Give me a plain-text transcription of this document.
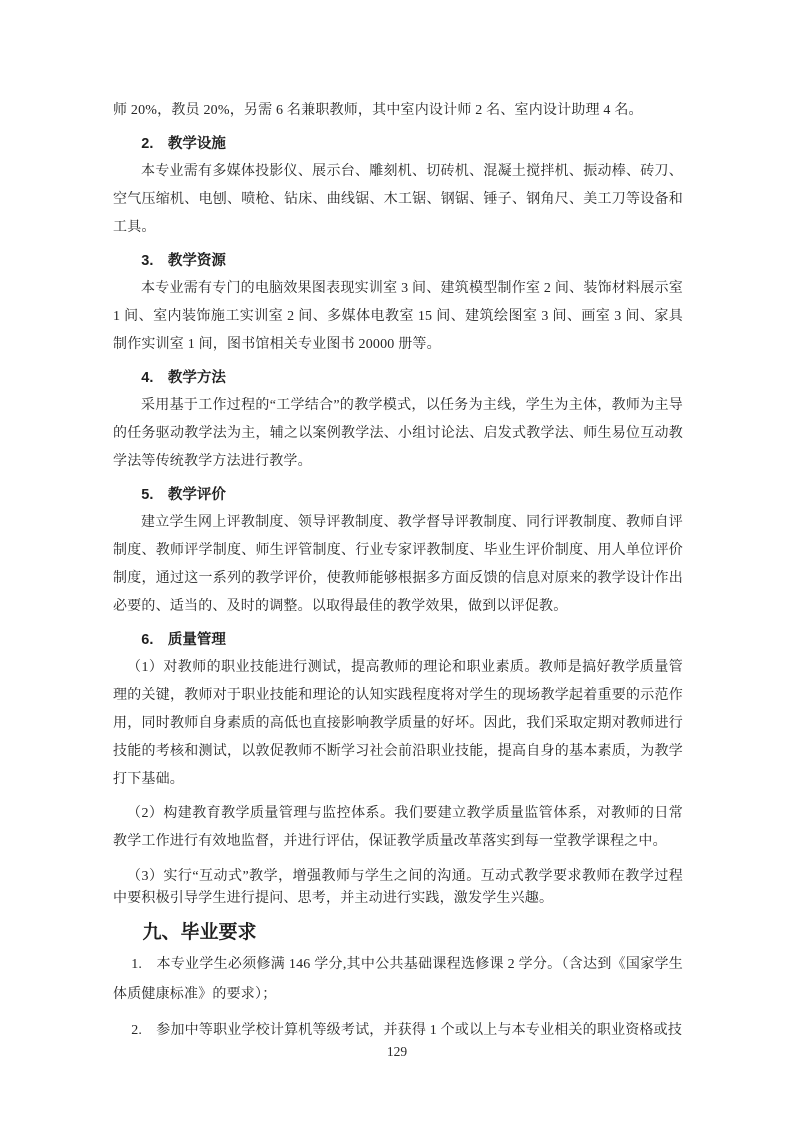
师 20%，教员 20%，另需 6 名兼职教师，其中室内设计师 2 名、室内设计助理 4 名。

2.　教学设施

本专业需有多媒体投影仪、展示台、雕刻机、切砖机、混凝土搅拌机、振动棒、砖刀、空气压缩机、电刨、喷枪、钻床、曲线锯、木工锯、钢锯、锤子、钢角尺、美工刀等设备和工具。

3.　教学资源

本专业需有专门的电脑效果图表现实训室 3 间、建筑模型制作室 2 间、装饰材料展示室 1 间、室内装饰施工实训室 2 间、多媒体电教室 15 间、建筑绘图室 3 间、画室 3 间、家具制作实训室 1 间，图书馆相关专业图书 20000 册等。

4.　教学方法

采用基于工作过程的“工学结合”的教学模式，以任务为主线，学生为主体，教师为主导的任务驱动教学法为主，辅之以案例教学法、小组讨论法、启发式教学法、师生易位互动教学法等传统教学方法进行教学。

5.　教学评价

建立学生网上评教制度、领导评教制度、教学督导评教制度、同行评教制度、教师自评制度、教师评学制度、师生评管制度、行业专家评教制度、毕业生评价制度、用人单位评价制度，通过这一系列的教学评价，使教师能够根据多方面反馈的信息对原来的教学设计作出必要的、适当的、及时的调整。以取得最佳的教学效果，做到以评促教。

6.　质量管理

（1）对教师的职业技能进行测试，提高教师的理论和职业素质。教师是搞好教学质量管理的关键，教师对于职业技能和理论的认知实践程度将对学生的现场教学起着重要的示范作用，同时教师自身素质的高低也直接影响教学质量的好坏。因此，我们采取定期对教师进行技能的考核和测试，以敦促教师不断学习社会前沿职业技能，提高自身的基本素质，为教学打下基础。

（2）构建教育教学质量管理与监控体系。我们要建立教学质量监管体系，对教师的日常教学工作进行有效地监督，并进行评估，保证教学质量改革落实到每一堂教学课程之中。

（3）实行“互动式”教学，增强教师与学生之间的沟通。互动式教学要求教师在教学过程中要积极引导学生进行提问、思考，并主动进行实践，激发学生兴趣。

九、毕业要求

1.　本专业学生必须修满 146 学分,其中公共基础课程选修课 2 学分。（含达到《国家学生体质健康标准》的要求）；

2.　参加中等职业学校计算机等级考试，并获得 1 个或以上与本专业相关的职业资格或技

129
